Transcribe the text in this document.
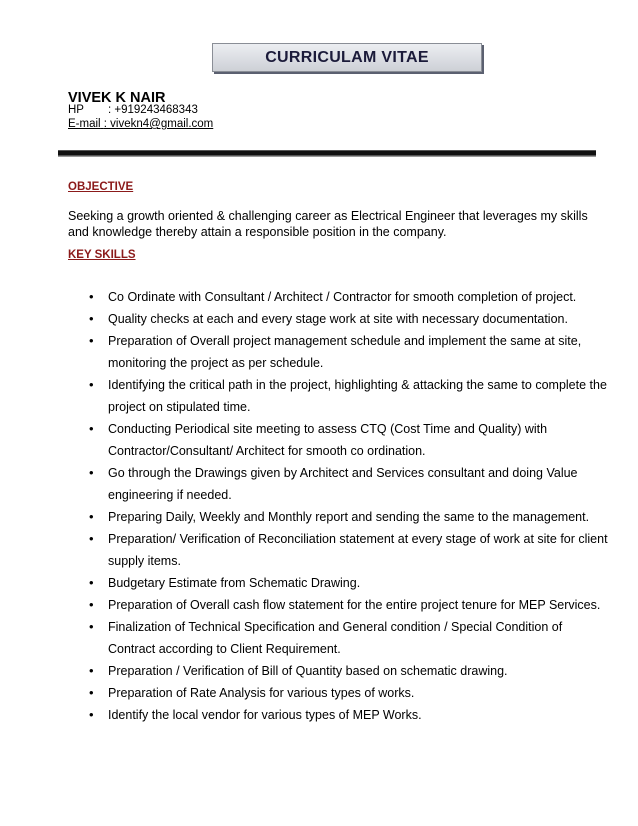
CURRICULAM VITAE
VIVEK K NAIR
HP : +919243468343
E-mail : vivekn4@gmail.com
OBJECTIVE
Seeking a growth oriented & challenging career as Electrical Engineer that leverages my skills and knowledge thereby attain a responsible position in the company.
KEY SKILLS
• Co Ordinate with Consultant / Architect / Contractor for smooth completion of project.
• Quality checks at each and every stage work at site with necessary documentation.
• Preparation of Overall project management schedule and implement the same at site, monitoring the project as per schedule.
• Identifying the critical path in the project, highlighting & attacking the same to complete the project on stipulated time.
• Conducting Periodical site meeting to assess CTQ (Cost Time and Quality) with Contractor/Consultant/ Architect for smooth co ordination.
• Go through the Drawings given by Architect and Services consultant and doing Value engineering if needed.
• Preparing Daily, Weekly and Monthly report and sending the same to the management.
• Preparation/ Verification of Reconciliation statement at every stage of work at site for client supply items.
• Budgetary Estimate from Schematic Drawing.
• Preparation of Overall cash flow statement for the entire project tenure for MEP Services.
• Finalization of Technical Specification and General condition / Special Condition of Contract according to Client Requirement.
• Preparation / Verification of Bill of Quantity based on schematic drawing.
• Preparation of Rate Analysis for various types of works.
• Identify the local vendor for various types of MEP Works.
